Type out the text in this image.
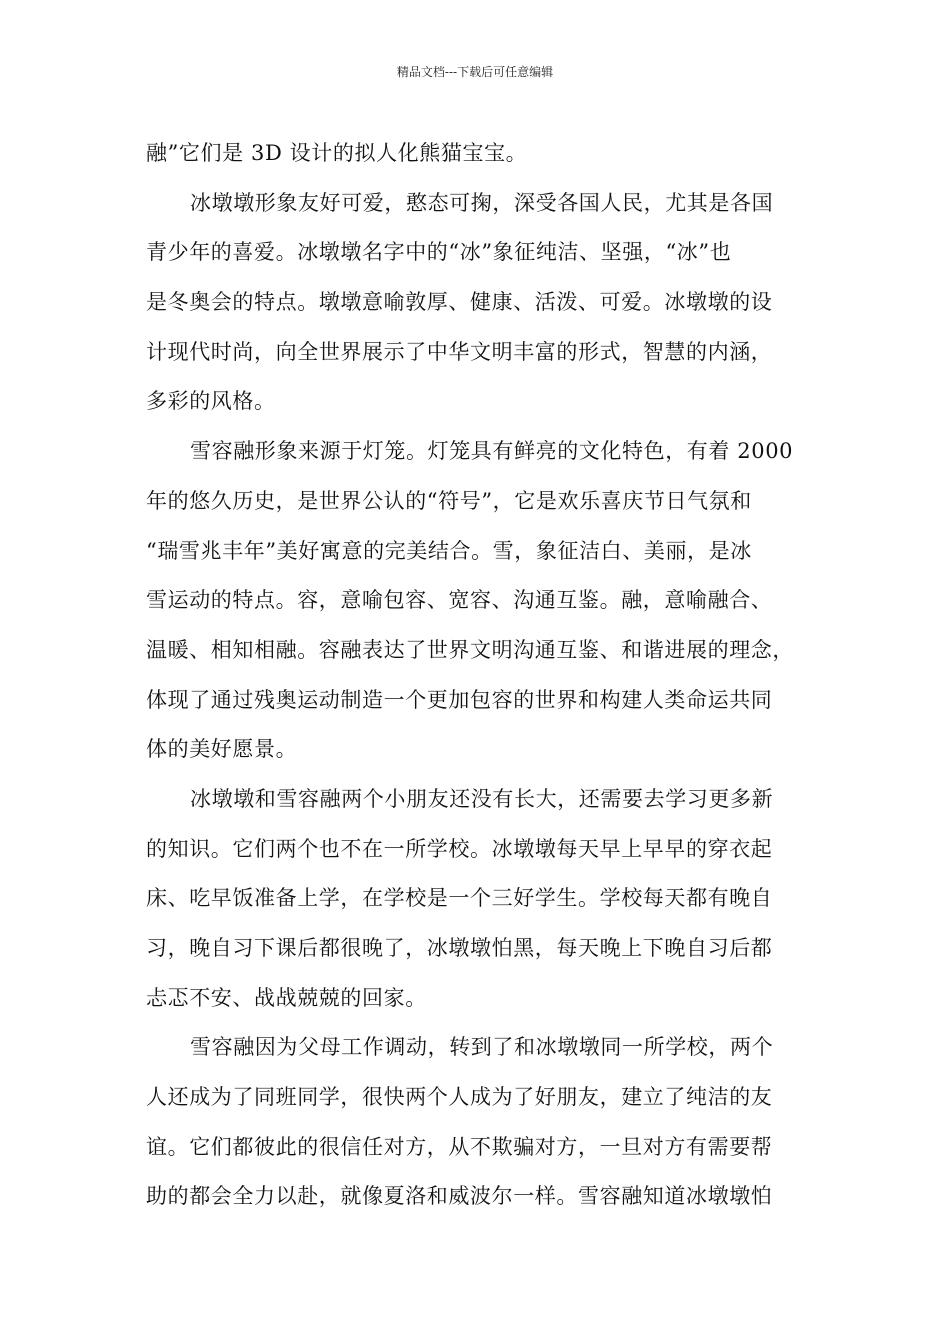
精品文档---下载后可任意编辑
融”它们是 3D 设计的拟人化熊猫宝宝。
冰墩墩形象友好可爱，憨态可掬，深受各国人民，尤其是各国
青少年的喜爱。冰墩墩名字中的“冰”象征纯洁、坚强，“冰”也
是冬奥会的特点。墩墩意喻敦厚、健康、活泼、可爱。冰墩墩的设
计现代时尚，向全世界展示了中华文明丰富的形式，智慧的内涵，
多彩的风格。
雪容融形象来源于灯笼。灯笼具有鲜亮的文化特色，有着 2000
年的悠久历史，是世界公认的“符号”，它是欢乐喜庆节日气氛和
“瑞雪兆丰年”美好寓意的完美结合。雪，象征洁白、美丽，是冰
雪运动的特点。容，意喻包容、宽容、沟通互鉴。融，意喻融合、
温暖、相知相融。容融表达了世界文明沟通互鉴、和谐进展的理念，
体现了通过残奥运动制造一个更加包容的世界和构建人类命运共同
体的美好愿景。
冰墩墩和雪容融两个小朋友还没有长大，还需要去学习更多新
的知识。它们两个也不在一所学校。冰墩墩每天早上早早的穿衣起
床、吃早饭准备上学，在学校是一个三好学生。学校每天都有晚自
习，晚自习下课后都很晚了，冰墩墩怕黑，每天晚上下晚自习后都
忐忑不安、战战兢兢的回家。
雪容融因为父母工作调动，转到了和冰墩墩同一所学校，两个
人还成为了同班同学，很快两个人成为了好朋友，建立了纯洁的友
谊。它们都彼此的很信任对方，从不欺骗对方，一旦对方有需要帮
助的都会全力以赴，就像夏洛和威波尔一样。雪容融知道冰墩墩怕
